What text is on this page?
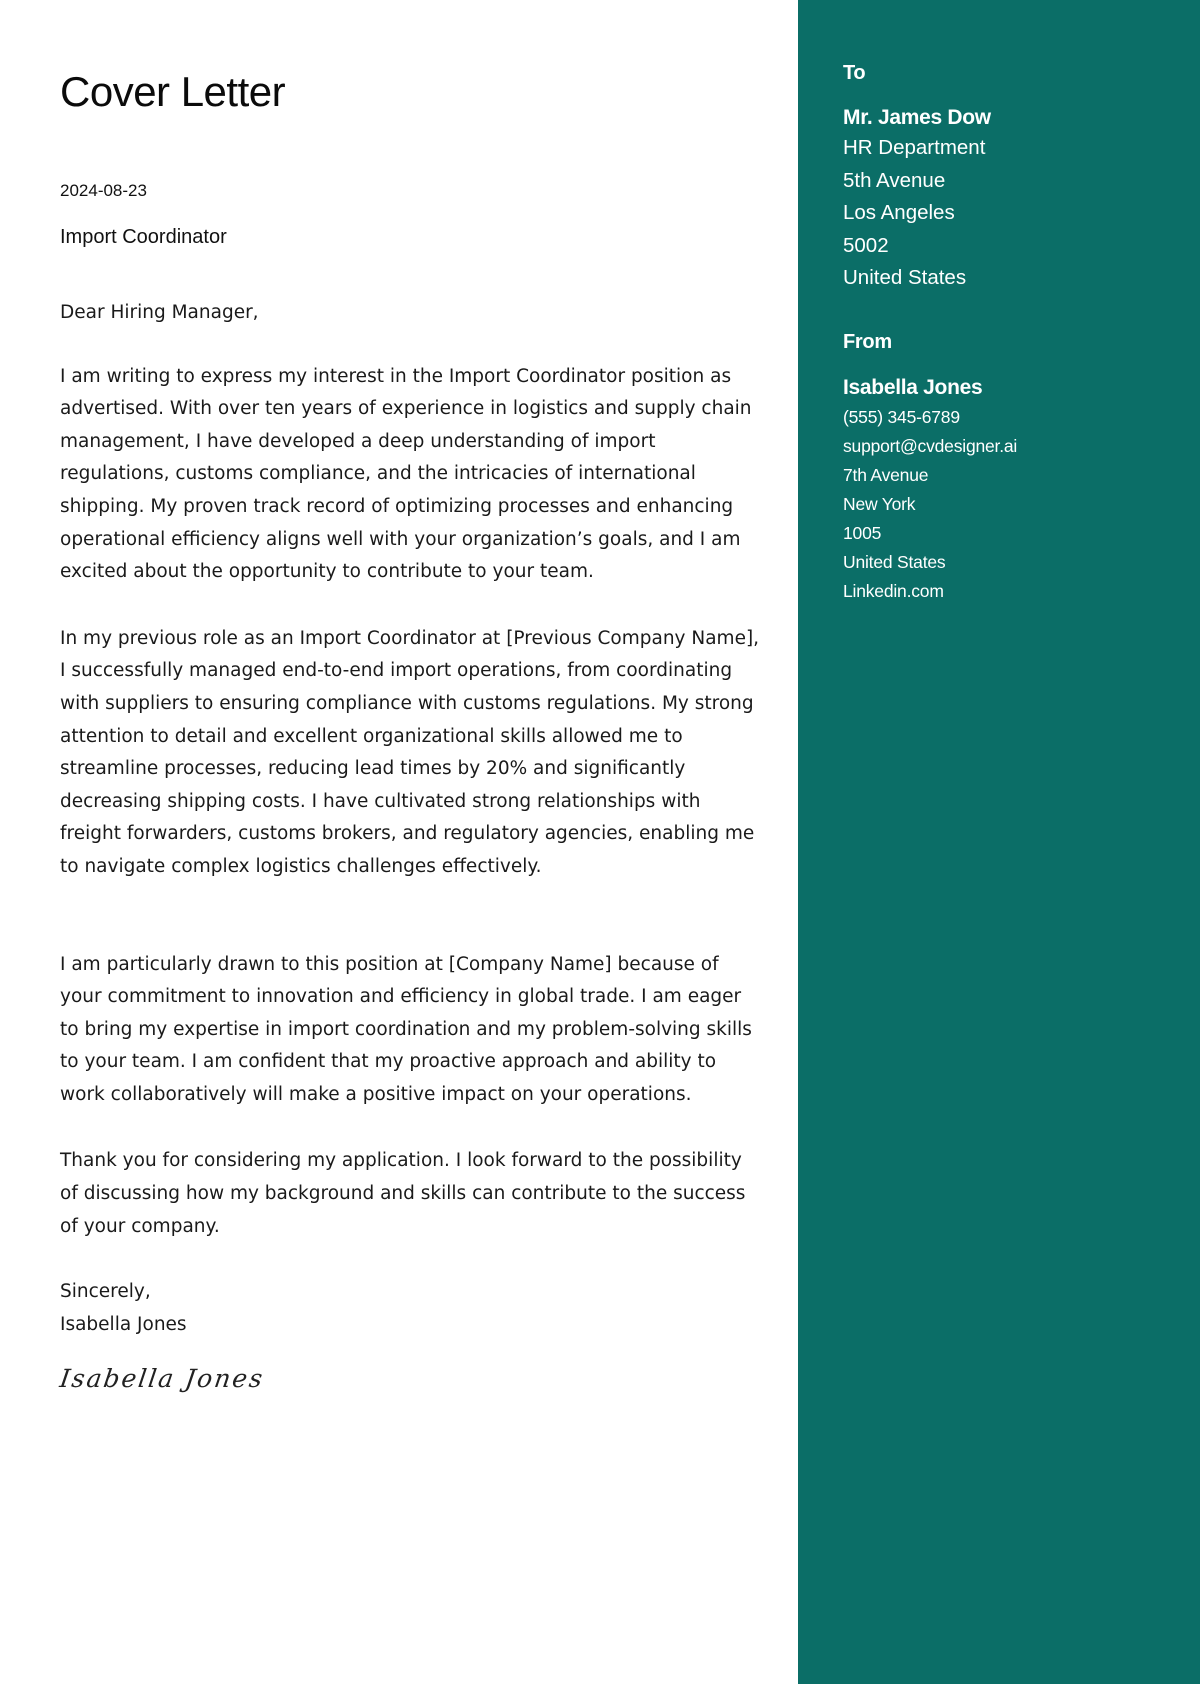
Cover Letter
2024-08-23
Import Coordinator
Dear Hiring Manager,

I am writing to express my interest in the Import Coordinator position as advertised. With over ten years of experience in logistics and supply chain management, I have developed a deep understanding of import regulations, customs compliance, and the intricacies of international shipping. My proven track record of optimizing processes and enhancing operational efficiency aligns well with your organization’s goals, and I am excited about the opportunity to contribute to your team.

In my previous role as an Import Coordinator at [Previous Company Name], I successfully managed end-to-end import operations, from coordinating with suppliers to ensuring compliance with customs regulations. My strong attention to detail and excellent organizational skills allowed me to streamline processes, reducing lead times by 20% and significantly decreasing shipping costs. I have cultivated strong relationships with freight forwarders, customs brokers, and regulatory agencies, enabling me to navigate complex logistics challenges effectively.

I am particularly drawn to this position at [Company Name] because of your commitment to innovation and efficiency in global trade. I am eager to bring my expertise in import coordination and my problem-solving skills to your team. I am confident that my proactive approach and ability to work collaboratively will make a positive impact on your operations.

Thank you for considering my application. I look forward to the possibility of discussing how my background and skills can contribute to the success of your company.

Sincerely,
Isabella Jones
Isabella Jones
To
Mr. James Dow
HR Department
5th Avenue
Los Angeles
5002
United States
From
Isabella Jones
(555) 345-6789
support@cvdesigner.ai
7th Avenue
New York
1005
United States
Linkedin.com
